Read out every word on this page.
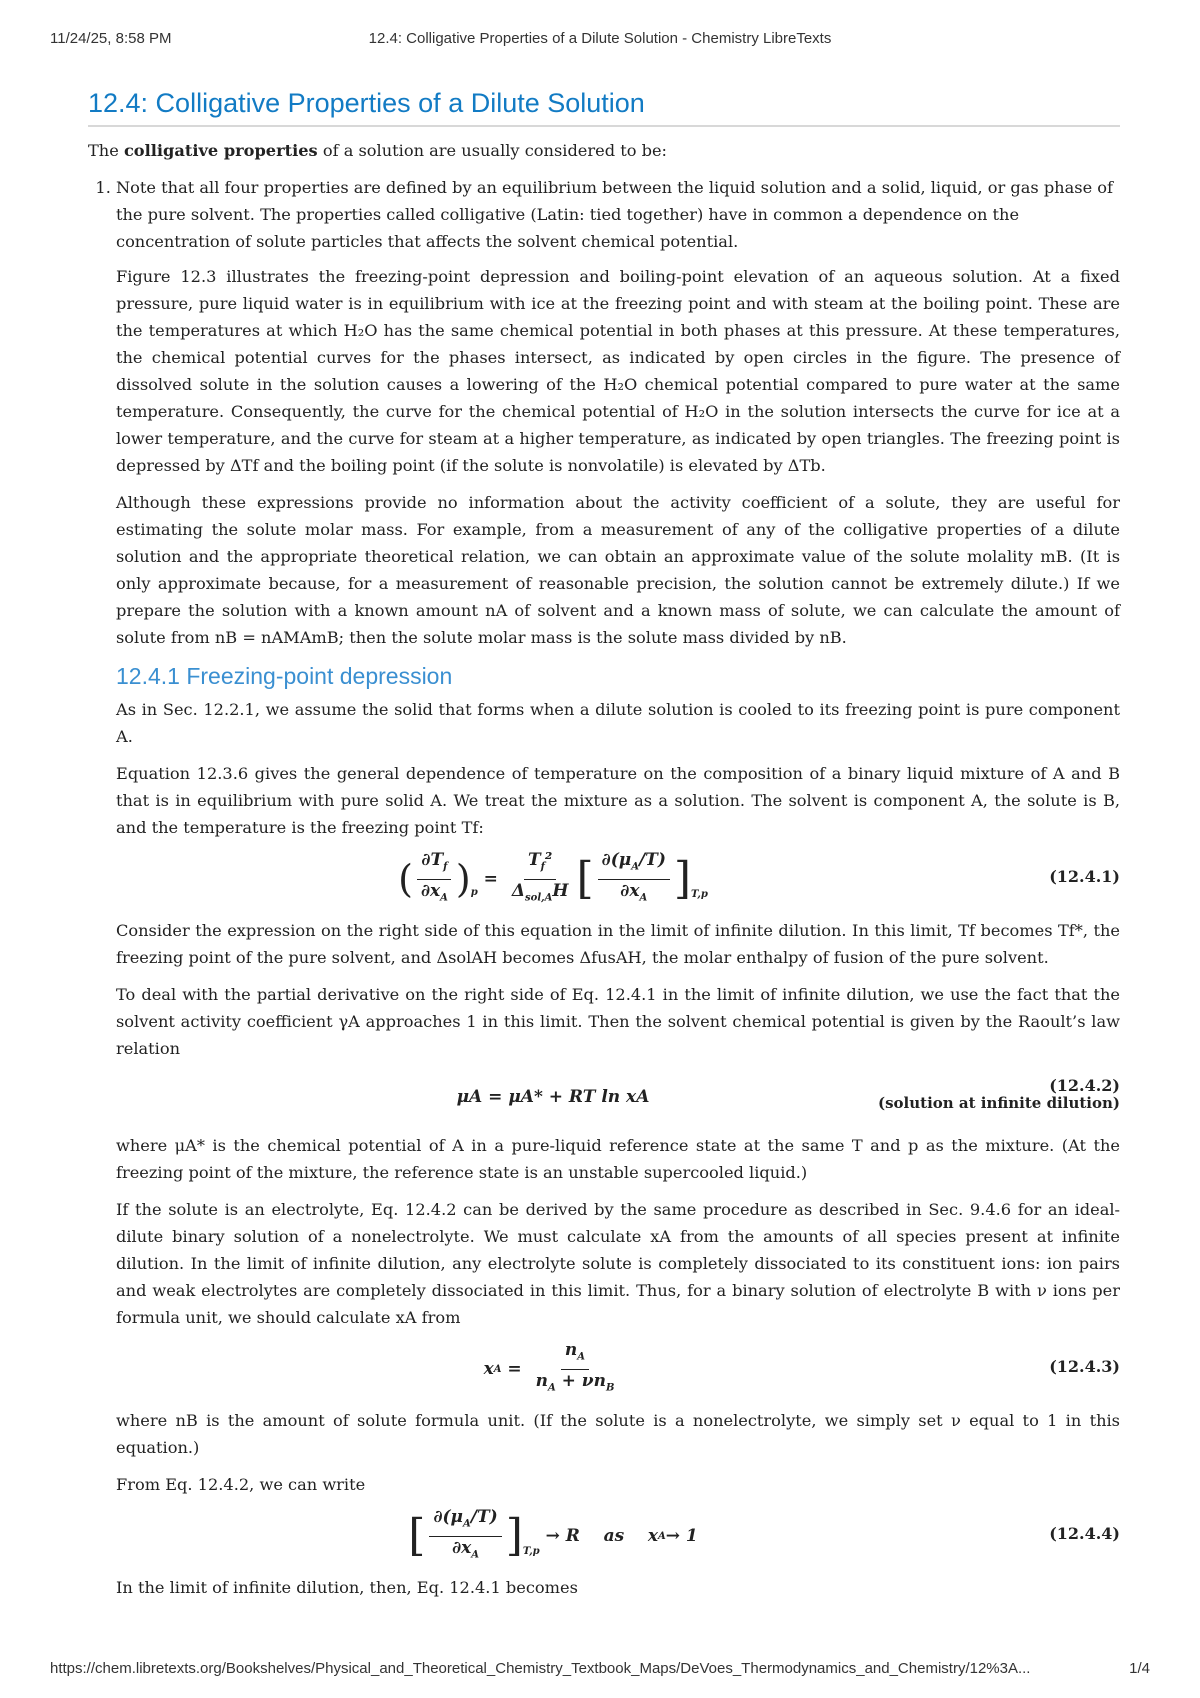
11/24/25, 8:58 PM	12.4: Colligative Properties of a Dilute Solution - Chemistry LibreTexts
12.4: Colligative Properties of a Dilute Solution

The colligative properties of a solution are usually considered to be:

1. Note that all four properties are defined by an equilibrium between the liquid solution and a solid, liquid, or gas phase of the pure solvent. The properties called colligative (Latin: tied together) have in common a dependence on the concentration of solute particles that affects the solvent chemical potential.

Figure 12.3 illustrates the freezing-point depression and boiling-point elevation of an aqueous solution. At a fixed pressure, pure liquid water is in equilibrium with ice at the freezing point and with steam at the boiling point. These are the temperatures at which H₂O has the same chemical potential in both phases at this pressure. At these temperatures, the chemical potential curves for the phases intersect, as indicated by open circles in the figure. The presence of dissolved solute in the solution causes a lowering of the H₂O chemical potential compared to pure water at the same temperature. Consequently, the curve for the chemical potential of H₂O in the solution intersects the curve for ice at a lower temperature, and the curve for steam at a higher temperature, as indicated by open triangles. The freezing point is depressed by ΔTf and the boiling point (if the solute is nonvolatile) is elevated by ΔTb.

Although these expressions provide no information about the activity coefficient of a solute, they are useful for estimating the solute molar mass. For example, from a measurement of any of the colligative properties of a dilute solution and the appropriate theoretical relation, we can obtain an approximate value of the solute molality mB. (It is only approximate because, for a measurement of reasonable precision, the solution cannot be extremely dilute.) If we prepare the solution with a known amount nA of solvent and a known mass of solute, we can calculate the amount of solute from nB = nAMAmB; then the solute molar mass is the solute mass divided by nB.

12.4.1 Freezing-point depression

As in Sec. 12.2.1, we assume the solid that forms when a dilute solution is cooled to its freezing point is pure component A.

Equation 12.3.6 gives the general dependence of temperature on the composition of a binary liquid mixture of A and B that is in equilibrium with pure solid A. We treat the mixture as a solution. The solvent is component A, the solute is B, and the temperature is the freezing point Tf:

( $\frac{\partial T_f}{\partial x_A} )_p$
= $\frac{T_f^2}{\Delta_{sol,A}H}$ [ $\frac{\partial(\mu_A/T)}{\partial x_A} ]_{T,p}$
(12.4.1)

Consider the expression on the right side of this equation in the limit of infinite dilution. In this limit, Tf becomes Tf*, the freezing point of the pure solvent, and ΔsolAH becomes ΔfusAH, the molar enthalpy of fusion of the pure solvent.

To deal with the partial derivative on the right side of Eq. 12.4.1 in the limit of infinite dilution, we use the fact that the solvent activity coefficient γA approaches 1 in this limit. Then the solvent chemical potential is given by the Raoult’s law relation

μA = μA* + RT ln xA
(12.4.2)
(solution at infinite dilution)

where μA* is the chemical potential of A in a pure-liquid reference state at the same T and p as the mixture. (At the freezing point of the mixture, the reference state is an unstable supercooled liquid.)

If the solute is an electrolyte, Eq. 12.4.2 can be derived by the same procedure as described in Sec. 9.4.6 for an ideal-dilute binary solution of a nonelectrolyte. We must calculate xA from the amounts of all species present at infinite dilution. In the limit of infinite dilution, any electrolyte solute is completely dissociated to its constituent ions: ion pairs and weak electrolytes are completely dissociated in this limit. Thus, for a binary solution of electrolyte B with ν ions per formula unit, we should calculate xA from

x $A = \frac{n_A}{n_A + \nu n_B}$	(12.4.3)

where nB is the amount of solute formula unit. (If the solute is a nonelectrolyte, we simply set ν equal to 1 in this equation.)

From Eq. 12.4.2, we can write

[ $\frac{\partial(\mu_A/T)}{\partial x_A} ]_{T,p}$
→ R    as    x A → 1	(12.4.4)

In the limit of infinite dilution, then, Eq. 12.4.1 becomes

https://chem.libretexts.org/Bookshelves/Physical_and_Theoretical_Chemistry_Textbook_Maps/DeVoes_Thermodynamics_and_Chemistry/12%3A...	1/4
